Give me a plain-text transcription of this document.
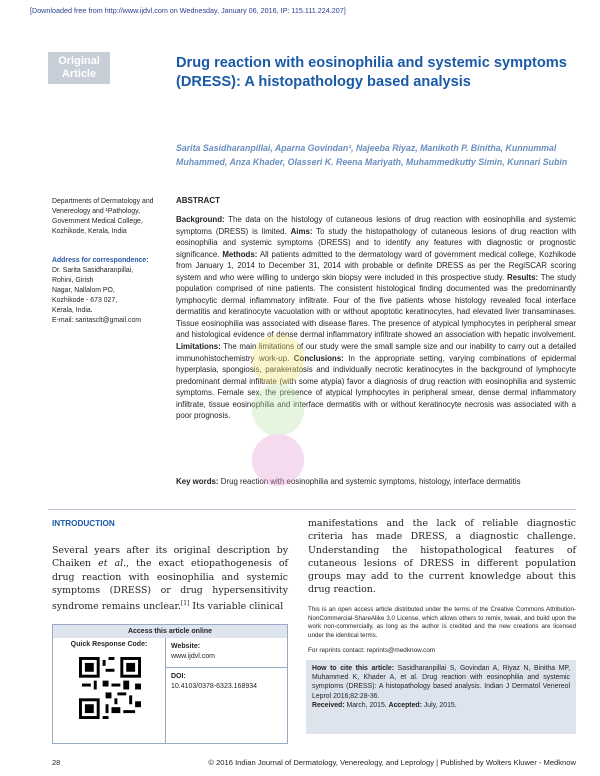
[Downloaded free from http://www.ijdvl.com on Wednesday, January 06, 2016, IP: 115.111.224.207]
Original
Article
Drug reaction with eosinophilia and systemic symptoms (DRESS): A histopathology based analysis
Sarita Sasidharanpillai, Aparna Govindan¹, Najeeba Riyaz, Manikoth P. Binitha, Kunnummal Muhammed, Anza Khader, Olasseri K. Reena Mariyath, Muhammedkutty Simin, Kunnari Subin
Departments of Dermatology and Venereology and ¹Pathology, Government Medical College, Kozhikode, Kerala, India
Address for correspondence:
Dr. Sarita Sasidharanpillai,
Rohini, Girish
Nagar, Nallalom PO,
Kozhikode - 673 027,
Kerala, India.
E-mail: saritasclt@gmail.com
ABSTRACT
Background: The data on the histology of cutaneous lesions of drug reaction with eosinophilia and systemic symptoms (DRESS) is limited. Aims: To study the histopathology of cutaneous lesions of drug reaction with eosinophilia and systemic symptoms (DRESS) and to identify any features with diagnostic or prognostic significance. Methods: All patients admitted to the dermatology ward of government medical college, Kozhikode from January 1, 2014 to December 31, 2014 with probable or definite DRESS as per the RegiSCAR scoring system and who were willing to undergo skin biopsy were included in this prospective study. Results: The study population comprised of nine patients. The consistent histological finding documented was the predominantly lymphocytic dermal inflammatory infiltrate. Four of the five patients whose histology revealed focal interface dermatitis and keratinocyte vacuolation with or without apoptotic keratinocytes, had elevated liver transaminases. Tissue eosinophilia was associated with disease flares. The presence of atypical lymphocytes in peripheral smear and histological evidence of dense dermal inflammatory infiltrate showed an association with hepatic involvement. Limitations: The main limitations of our study were the small sample size and our inability to carry out a detailed immunohistochemistry work-up. Conclusions: In the appropriate setting, varying combinations of epidermal hyperplasia, spongiosis, parakeratosis and individually necrotic keratinocytes in the background of lymphocyte predominant dermal infiltrate (with some atypia) favor a diagnosis of drug reaction with eosinophilia and systemic symptoms. Female sex, the presence of atypical lymphocytes in peripheral smear, dense dermal inflammatory infiltrate, tissue eosinophilia and interface dermatitis with or without keratinocyte necrosis was associated with a poor prognosis.
Key words: Drug reaction with eosinophilia and systemic symptoms, histology, interface dermatitis
INTRODUCTION
Several years after its original description by Chaiken et al., the exact etiopathogenesis of drug reaction with eosinophilia and systemic symptoms (DRESS) or drug hypersensitivity syndrome remains unclear.[1] Its variable clinical
manifestations and the lack of reliable diagnostic criteria has made DRESS, a diagnostic challenge. Understanding the histopathological features of cutaneous lesions of DRESS in different population groups may add to the current knowledge about this drug reaction.
Access this article online
Quick Response Code:	Website:
www.ijdvl.com
DOI:
10.4103/0378-6323.168934
This is an open access article distributed under the terms of the Creative Commons Attribution-NonCommercial-ShareAlike 3.0 License, which allows others to remix, tweak, and build upon the work non-commercially, as long as the author is credited and the new creations are licensed under the identical terms.
For reprints contact: reprints@medknow.com
How to cite this article: Sasidharanpillai S, Govindan A, Riyaz N, Binitha MP, Muhammed K, Khader A, et al. Drug reaction with eosinophilia and systemic symptoms (DRESS): A histopathology based analysis. Indian J Dermatol Venereol Leprol 2016;82:28-36.
Received: March, 2015. Accepted: July, 2015.
28	© 2016 Indian Journal of Dermatology, Venereology, and Leprology | Published by Wolters Kluwer - Medknow
